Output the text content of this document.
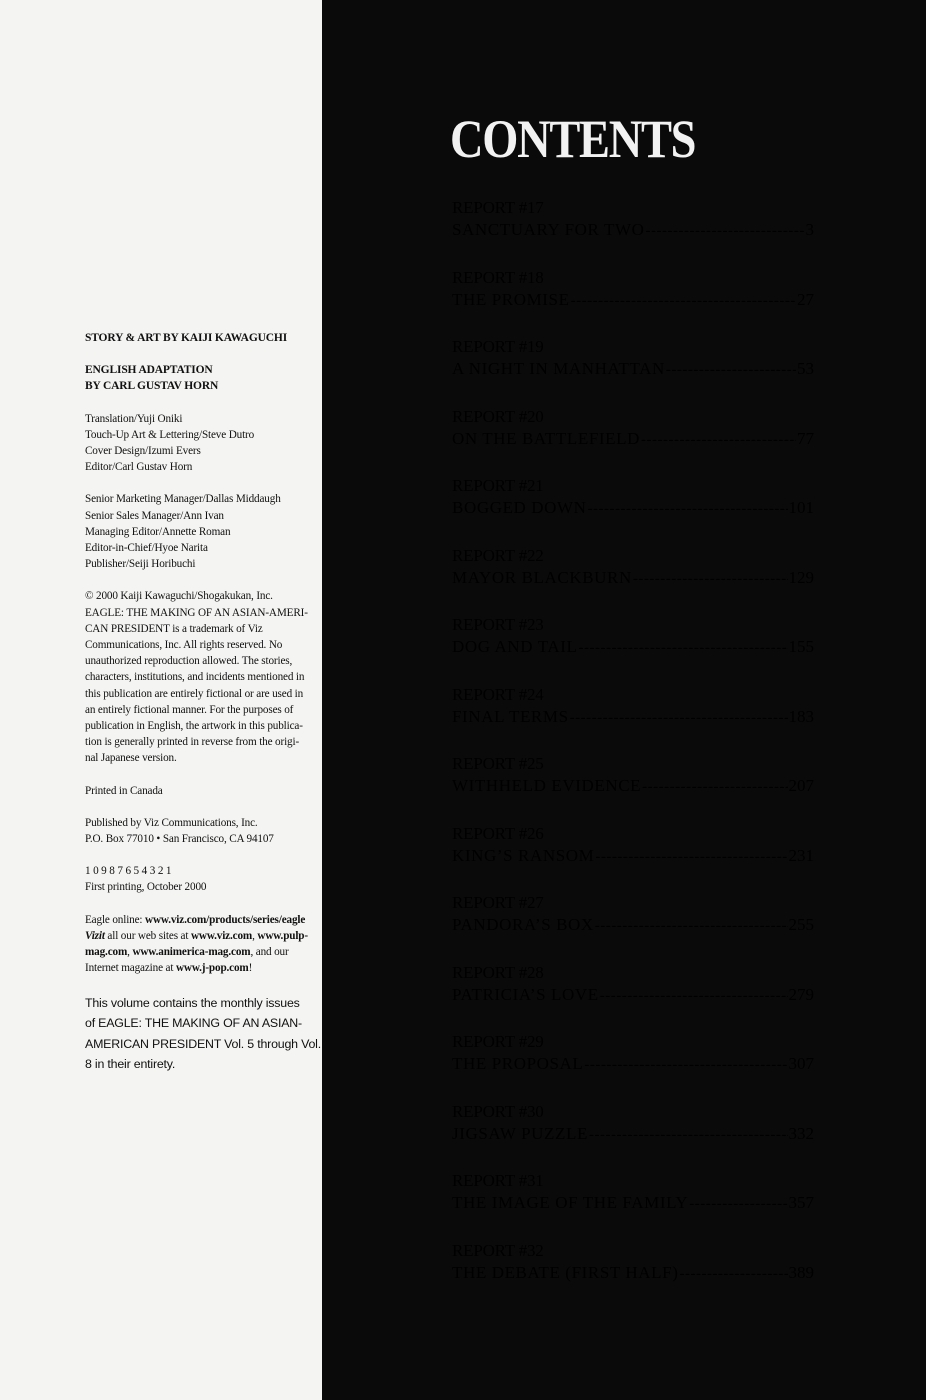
STORY & ART BY KAIJI KAWAGUCHI
ENGLISH ADAPTATION
BY CARL GUSTAV HORN
Translation/Yuji Oniki
Touch-Up Art & Lettering/Steve Dutro
Cover Design/Izumi Evers
Editor/Carl Gustav Horn
Senior Marketing Manager/Dallas Middaugh
Senior Sales Manager/Ann Ivan
Managing Editor/Annette Roman
Editor-in-Chief/Hyoe Narita
Publisher/Seiji Horibuchi
© 2000 Kaiji Kawaguchi/Shogakukan, Inc.
EAGLE: THE MAKING OF AN ASIAN-AMERI-
CAN PRESIDENT is a trademark of Viz
Communications, Inc. All rights reserved. No
unauthorized reproduction allowed. The stories,
characters, institutions, and incidents mentioned in
this publication are entirely fictional or are used in
an entirely fictional manner. For the purposes of
publication in English, the artwork in this publica-
tion is generally printed in reverse from the origi-
nal Japanese version.
Printed in Canada
Published by Viz Communications, Inc.
P.O. Box 77010 • San Francisco, CA 94107
1 0 9 8 7 6 5 4 3 2 1
First printing, October 2000
Eagle online: www.viz.com/products/series/eagle
Vizit all our web sites at www.viz.com, www.pulp-
mag.com, www.animerica-mag.com, and our
Internet magazine at www.j-pop.com!
This volume contains the monthly issues
of EAGLE: THE MAKING OF AN ASIAN-
AMERICAN PRESIDENT Vol. 5 through Vol.
8 in their entirety.
CONTENTS
REPORT #17
SANCTUARY FOR TWO -----	3
REPORT #18
THE PROMISE -----	27
REPORT #19
A NIGHT IN MANHATTAN -----	53
REPORT #20
ON THE BATTLEFIELD -----	77
REPORT #21
BOGGED DOWN -----	101
REPORT #22
MAYOR BLACKBURN -----	129
REPORT #23
DOG AND TAIL -----	155
REPORT #24
FINAL TERMS -----	183
REPORT #25
WITHHELD EVIDENCE -----	207
REPORT #26
KING’S RANSOM -----	231
REPORT #27
PANDORA’S BOX -----	255
REPORT #28
PATRICIA’S LOVE -----	279
REPORT #29
THE PROPOSAL -----	307
REPORT #30
JIGSAW PUZZLE -----	332
REPORT #31
THE IMAGE OF THE FAMILY -----	357
REPORT #32
THE DEBATE (FIRST HALF) -----	389
